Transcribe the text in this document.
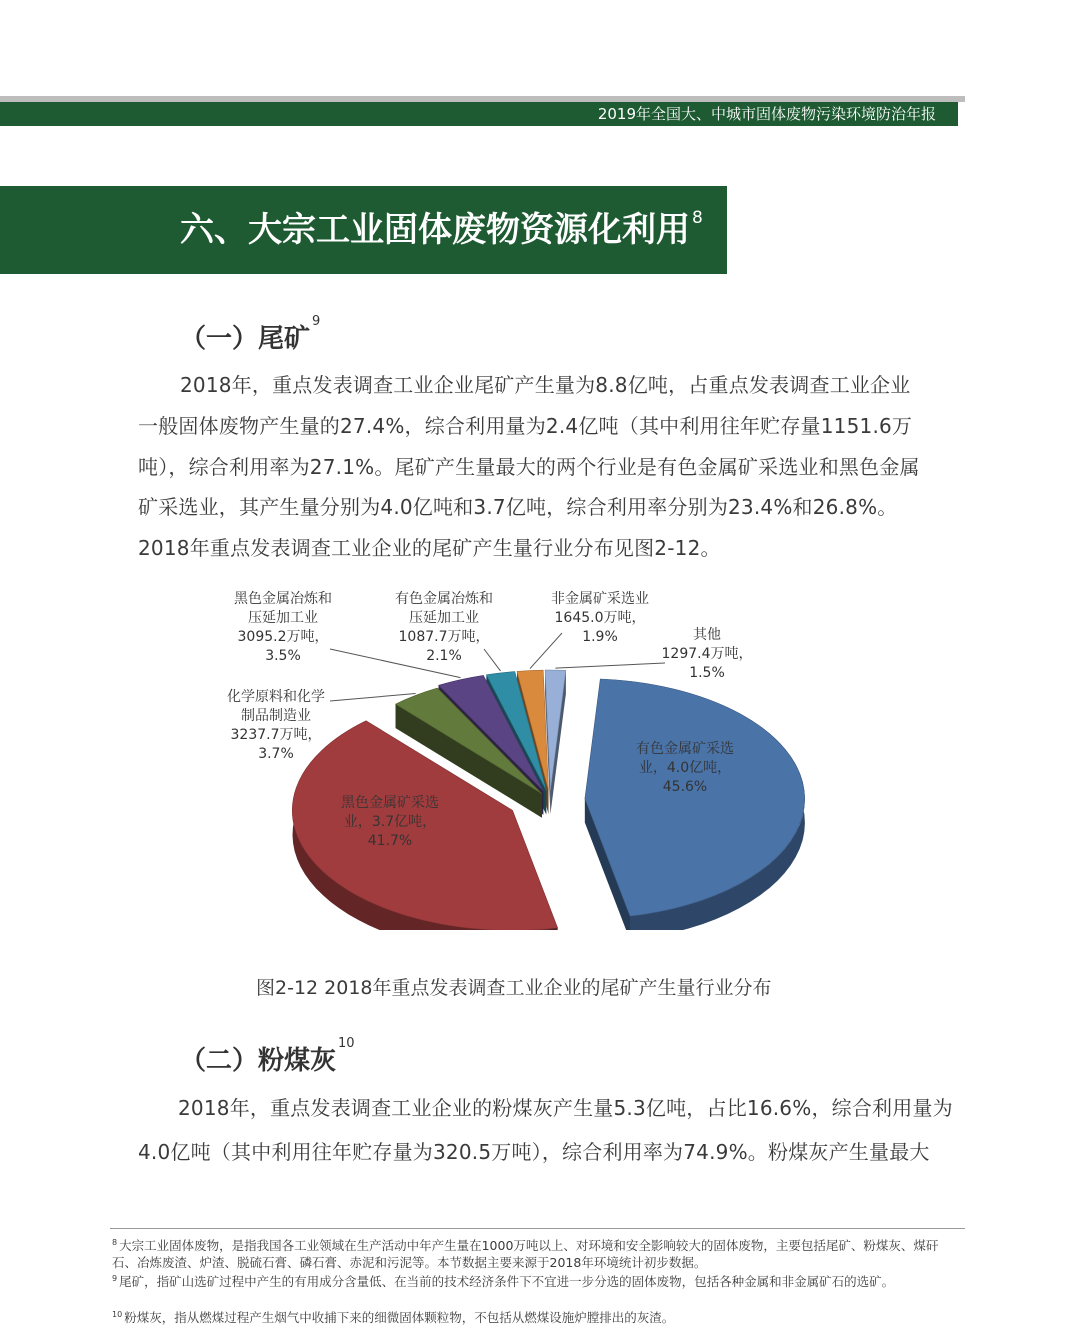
2019年全国大、中城市固体废物污染环境防治年报
六、大宗工业固体废物资源化利用 $^8$
（一）尾矿$^9$
2018年，重点发表调查工业企业尾矿产生量为8.8亿吨，占重点发表调查工业企业
一般固体废物产生量的27.4%，综合利用量为2.4亿吨（其中利用往年贮存量1151.6万
吨），综合利用率为27.1%。尾矿产生量最大的两个行业是有色金属矿采选业和黑色金属
矿采选业，其产生量分别为4.0亿吨和3.7亿吨，综合利用率分别为23.4%和26.8%。
2018年重点发表调查工业企业的尾矿产生量行业分布见图2-12。
有色金属矿采选
业，4.0亿吨，
45.6%
黑色金属矿采选
业，3.7亿吨，
41.7%
化学原料和化学
制品制造业
3237.7万吨，
3.7%
黑色金属冶炼和
压延加工业
3095.2万吨，
3.5%
有色金属冶炼和
压延加工业
1087.7万吨，
2.1%
非金属矿采选业
1645.0万吨，
1.9%	其他
1297.4万吨，
1.5%
图2-12 2018年重点发表调查工业企业的尾矿产生量行业分布
（二）粉煤灰$^{10}$
2018年，重点发表调查工业企业的粉煤灰产生量5.3亿吨，占比16.6%，综合利用量为
4.0亿吨（其中利用往年贮存量为320.5万吨），综合利用率为74.9%。粉煤灰产生量最大
$^8$ 大宗工业固体废物，是指我国各工业领域在生产活动中年产生量在1000万吨以上、对环境和安全影响较大的固体废物，主要包括尾矿、粉煤灰、煤矸石、冶炼废渣、炉渣、脱硫石膏、磷石膏、赤泥和污泥等。本节数据主要来源于2018年环境统计初步数据。
$^9$ 尾矿，指矿山选矿过程中产生的有用成分含量低、在当前的技术经济条件下不宜进一步分选的固体废物，包括各种金属和非金属矿石的选矿。
$^{10}$ 粉煤灰，指从燃煤过程产生烟气中收捕下来的细微固体颗粒物，不包括从燃煤设施炉膛排出的灰渣。
